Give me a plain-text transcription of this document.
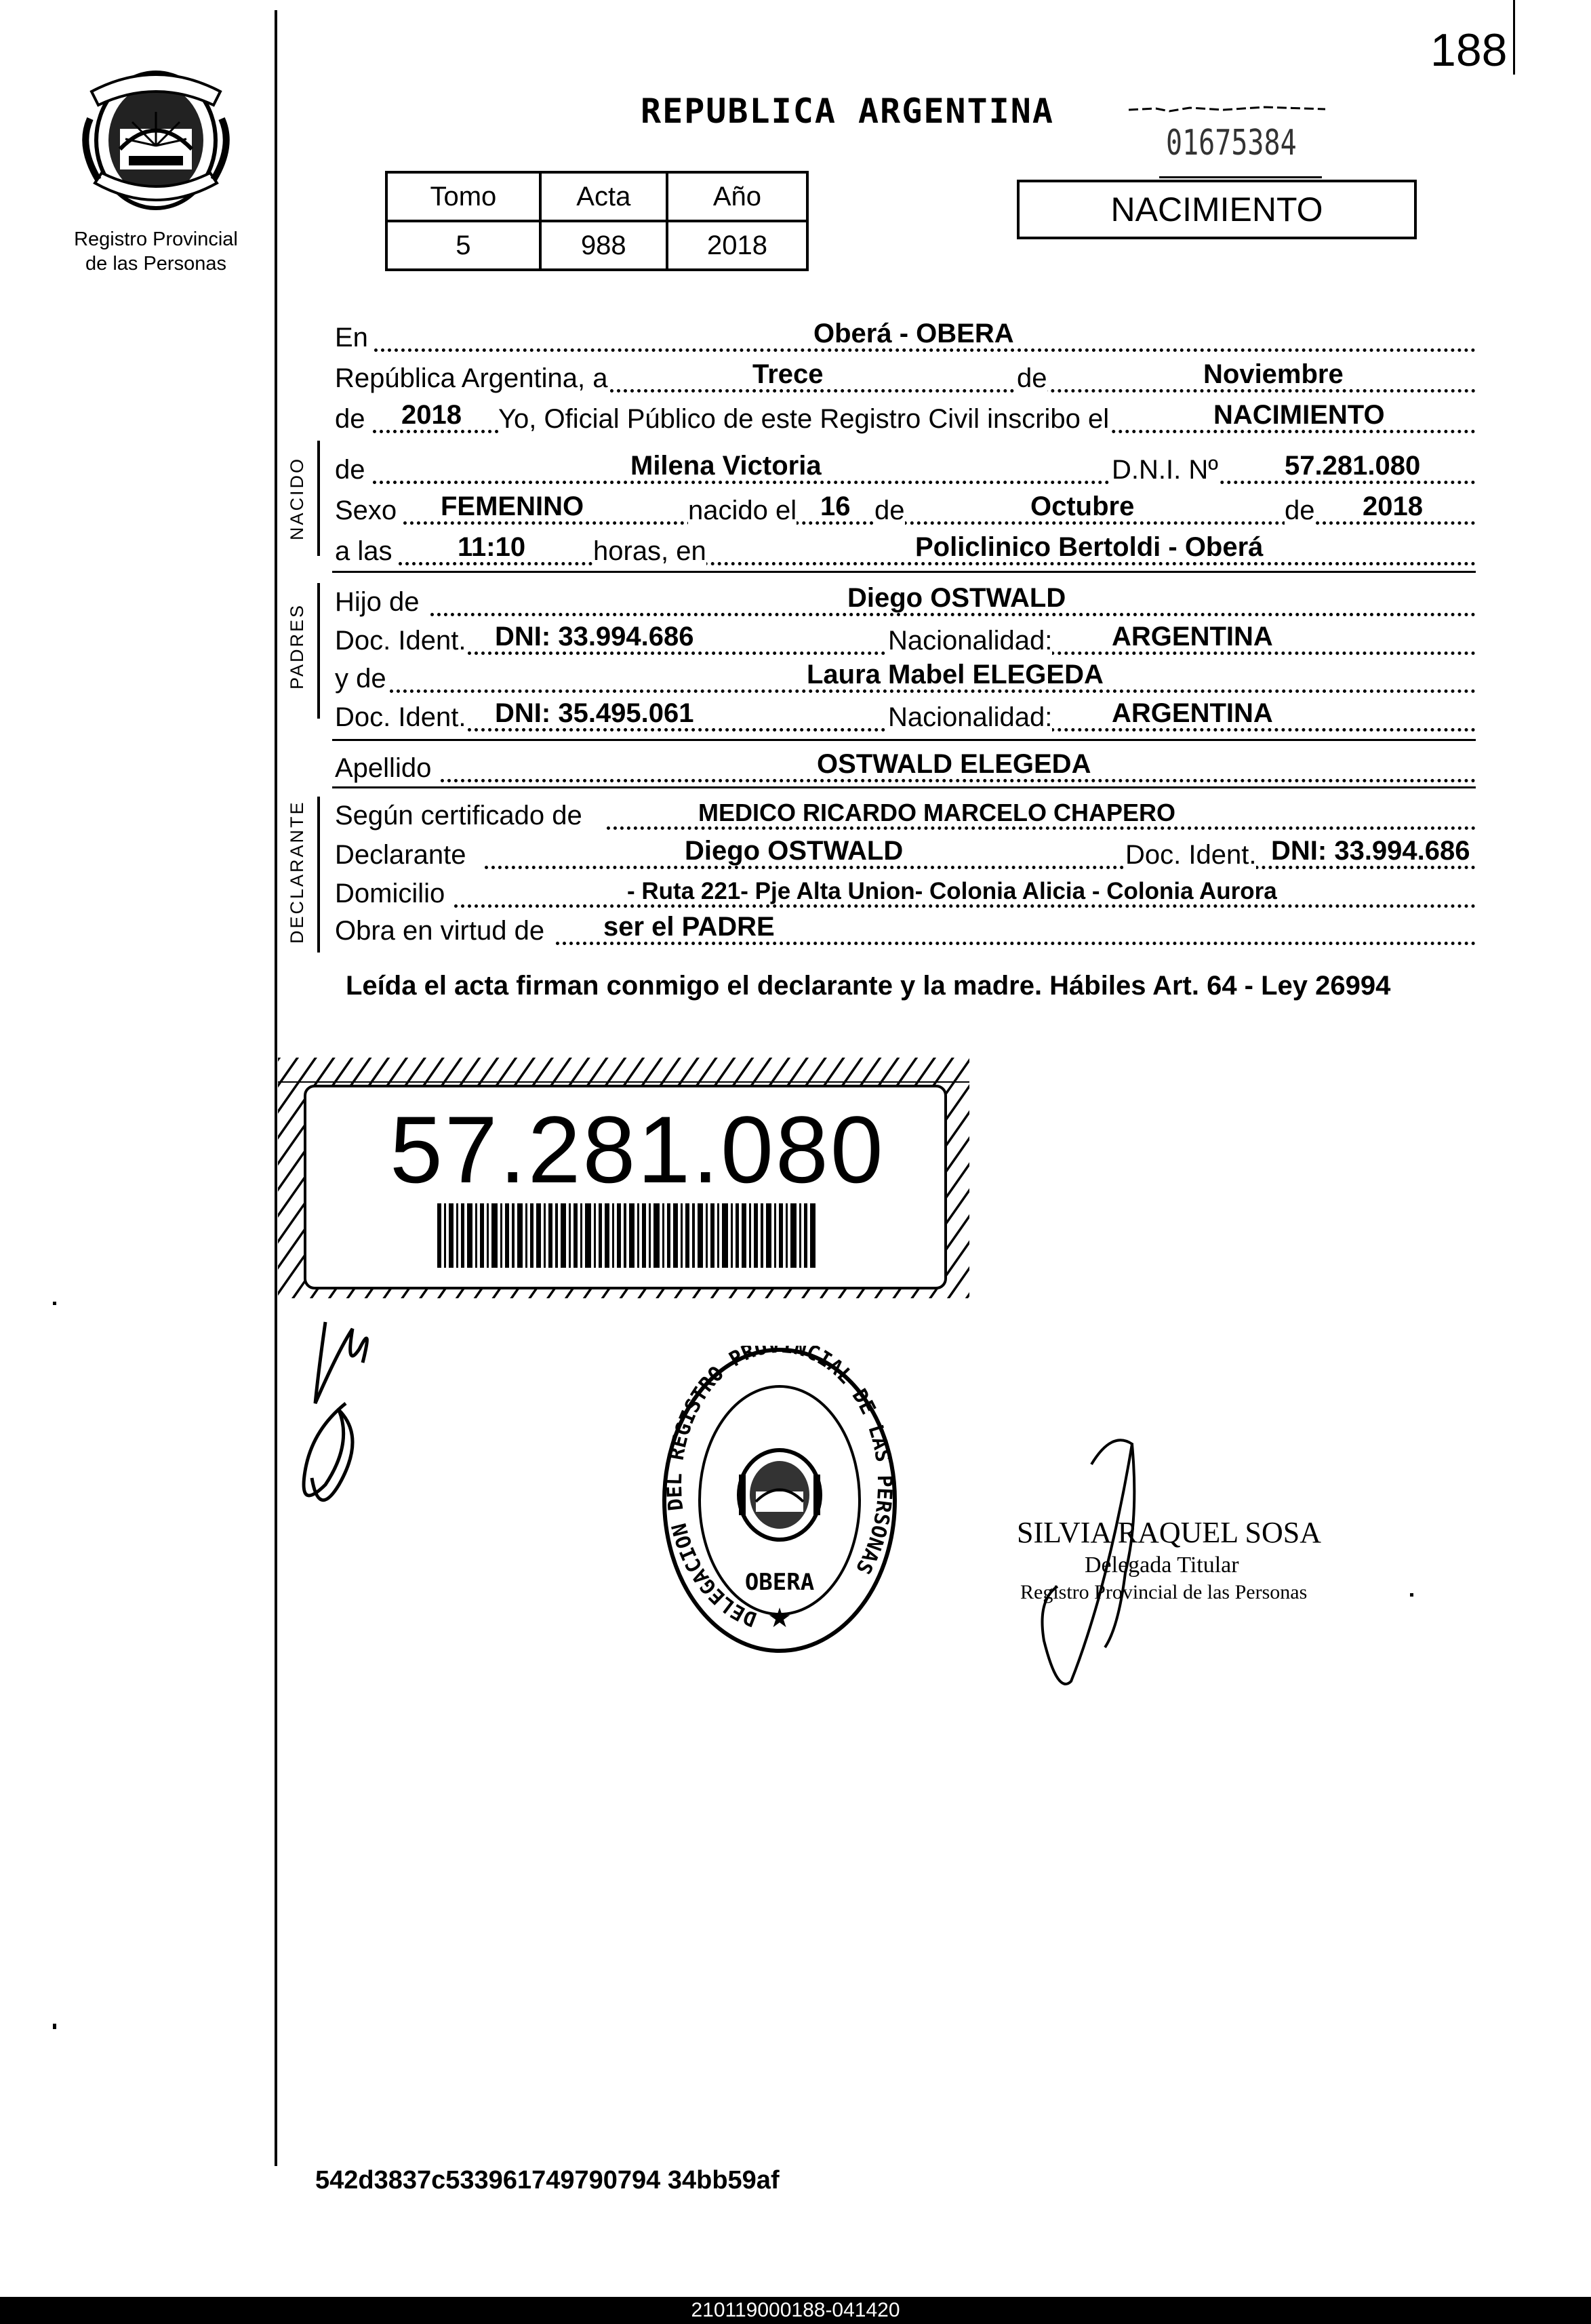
Registro Provincial
de las Personas
188
REPUBLICA ARGENTINA
01675384
Tomo	Acta	Año
5	988	2018
NACIMIENTO
En	Oberá - OBERA
República Argentina, a	Trece	de	Noviembre
de 2018 Yo, Oficial Público de este Registro Civil inscribo el	NACIMIENTO
NACIDO de	Milena Victoria	D.N.I. Nº 57.281.080
Sexo FEMENINO	nacido el 16 de	Octubre	de 2018
a las 11:10 horas, en	Policlinico Bertoldi - Oberá
PADRES
Hijo de	Diego OSTWALD
Doc. Ident. DNI: 33.994.686	Nacionalidad: ARGENTINA
y de	Laura Mabel ELEGEDA
Doc. Ident. DNI: 35.495.061	Nacionalidad: ARGENTINA
Apellido	OSTWALD ELEGEDA
DECLARANTE Según certificado de	MEDICO RICARDO MARCELO CHAPERO
Declarante	Diego OSTWALD	Doc. Ident. DNI: 33.994.686
Domicilio	- Ruta 221- Pje Alta Union- Colonia Alicia - Colonia Aurora
Obra en virtud de ser el PADRE
Leída el acta firman conmigo el declarante y la madre. Hábiles Art. 64 - Ley 26994
57.281.080
DELEGACION DEL REGISTRO PROVINCIAL DE LAS PERSONAS
OBERA
★
SILVIA RAQUEL SOSA
Delegada Titular
Registro Provincial de las Personas
542d3837c533961749790794 34bb59af
210119000188-041420
